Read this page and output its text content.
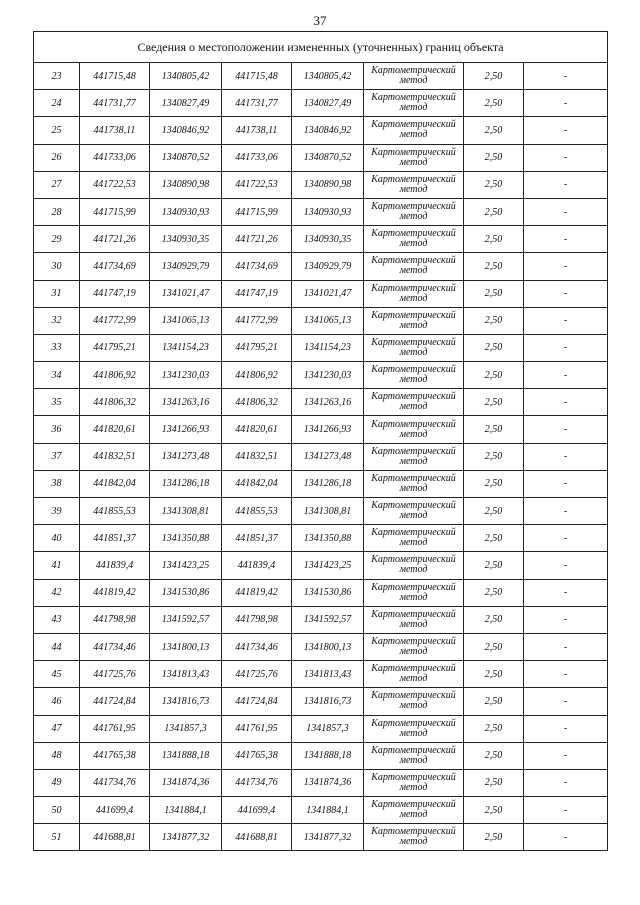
37
Сведения о местоположении измененных (уточненных) границ объекта							
23	441715,48	1340805,42	441715,48	1340805,42	Картометрический метод	2,50	-
24	441731,77	1340827,49	441731,77	1340827,49	Картометрический метод	2,50	-
25	441738,11	1340846,92	441738,11	1340846,92	Картометрический метод	2,50	-
26	441733,06	1340870,52	441733,06	1340870,52	Картометрический метод	2,50	-
27	441722,53	1340890,98	441722,53	1340890,98	Картометрический метод	2,50	-
28	441715,99	1340930,93	441715,99	1340930,93	Картометрический метод	2,50	-
29	441721,26	1340930,35	441721,26	1340930,35	Картометрический метод	2,50	-
30	441734,69	1340929,79	441734,69	1340929,79	Картометрический метод	2,50	-
31	441747,19	1341021,47	441747,19	1341021,47	Картометрический метод	2,50	-
32	441772,99	1341065,13	441772,99	1341065,13	Картометрический метод	2,50	-
33	441795,21	1341154,23	441795,21	1341154,23	Картометрический метод	2,50	-
34	441806,92	1341230,03	441806,92	1341230,03	Картометрический метод	2,50	-
35	441806,32	1341263,16	441806,32	1341263,16	Картометрический метод	2,50	-
36	441820,61	1341266,93	441820,61	1341266,93	Картометрический метод	2,50	-
37	441832,51	1341273,48	441832,51	1341273,48	Картометрический метод	2,50	-
38	441842,04	1341286,18	441842,04	1341286,18	Картометрический метод	2,50	-
39	441855,53	1341308,81	441855,53	1341308,81	Картометрический метод	2,50	-
40	441851,37	1341350,88	441851,37	1341350,88	Картометрический метод	2,50	-
41	441839,4	1341423,25	441839,4	1341423,25	Картометрический метод	2,50	-
42	441819,42	1341530,86	441819,42	1341530,86	Картометрический метод	2,50	-
43	441798,98	1341592,57	441798,98	1341592,57	Картометрический метод	2,50	-
44	441734,46	1341800,13	441734,46	1341800,13	Картометрический метод	2,50	-
45	441725,76	1341813,43	441725,76	1341813,43	Картометрический метод	2,50	-
46	441724,84	1341816,73	441724,84	1341816,73	Картометрический метод	2,50	-
47	441761,95	1341857,3	441761,95	1341857,3	Картометрический метод	2,50	-
48	441765,38	1341888,18	441765,38	1341888,18	Картометрический метод	2,50	-
49	441734,76	1341874,36	441734,76	1341874,36	Картометрический метод	2,50	-
50	441699,4	1341884,1	441699,4	1341884,1	Картометрический метод	2,50	-
51	441688,81	1341877,32	441688,81	1341877,32	Картометрический метод	2,50	-
